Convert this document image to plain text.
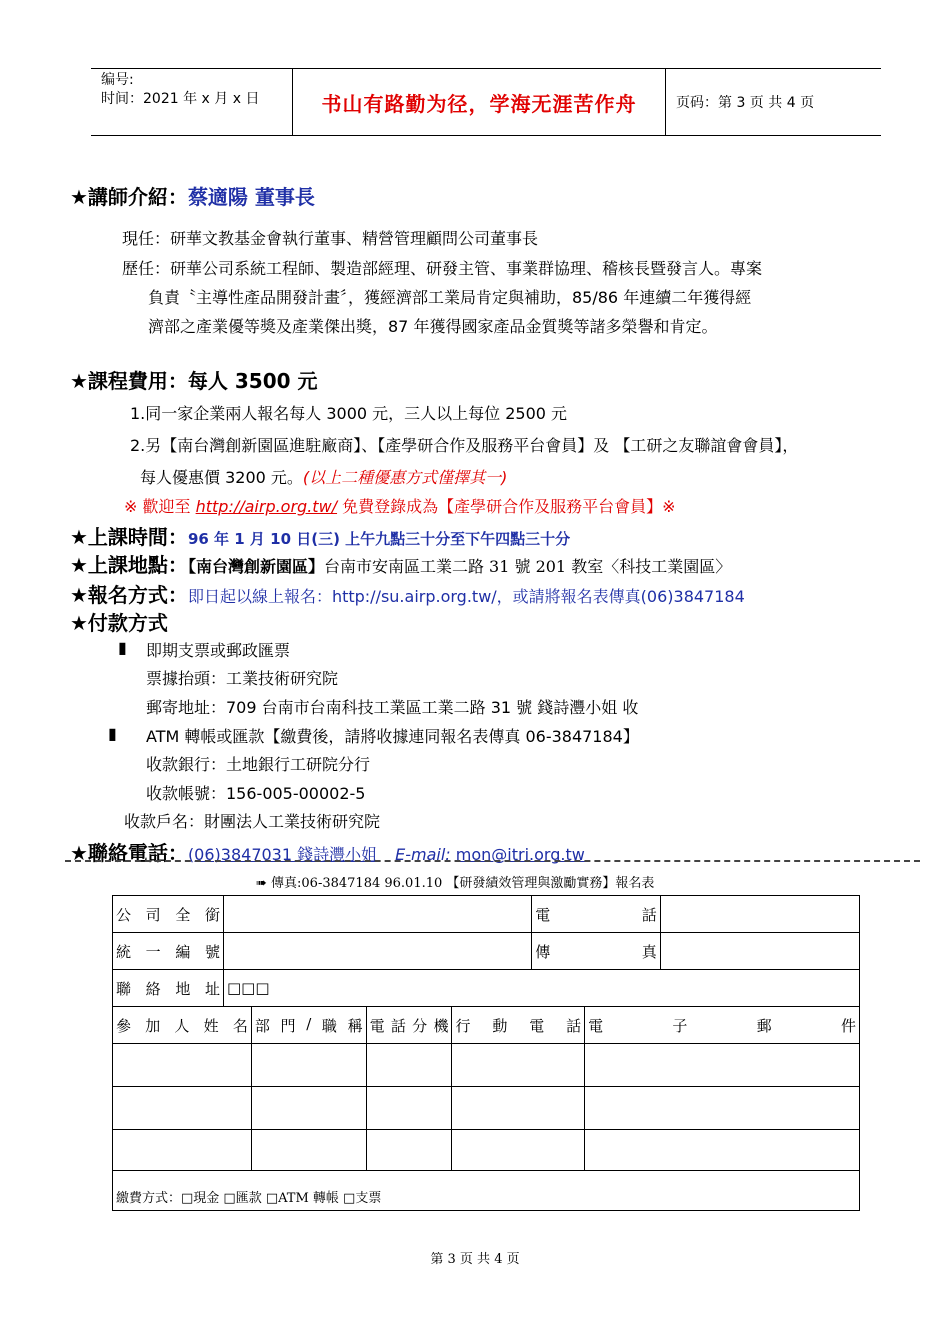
编号:
时间：2021 年 x 月 x 日	书山有路勤为径，学海无涯苦作舟	页码：第 3 页 共 4 页
★講師介紹：蔡適陽 董事長
現任：研華文教基金會執行董事、精營管理顧問公司董事長
歷任：研華公司系統工程師、製造部經理、研發主管、事業群協理、稽核長暨發言人。專案
負責〝主導性產品開發計畫〞，獲經濟部工業局肯定與補助，85/86 年連續二年獲得經
濟部之產業優等獎及產業傑出獎，87 年獲得國家產品金質獎等諸多榮譽和肯定。
★課程費用：每人 3500 元
1.同一家企業兩人報名每人 3000 元，三人以上每位 2500 元
2.另【南台灣創新園區進駐廠商】、【產學研合作及服務平台會員】及 【工研之友聯誼會會員】，
每人優惠價 3200 元。(以上二種優惠方式僅擇其一)
※ 歡迎至 http://airp.org.tw/ 免費登錄成為【產學研合作及服務平台會員】※
★上課時間：96 年 1 月 10 日(三) 上午九點三十分至下午四點三十分
★上課地點：【南台灣創新園區】台南市安南區工業二路 31 號 201 教室〈科技工業園區〉
★報名方式：即日起以線上報名：http://su.airp.org.tw/，或請將報名表傳真(06)3847184
★付款方式
▮ 即期支票或郵政匯票
票據抬頭：工業技術研究院
郵寄地址：709 台南市台南科技工業區工業二路 31 號 錢詩灃小姐 收
▮ ATM 轉帳或匯款【繳費後，請將收據連同報名表傳真 06-3847184】
收款銀行：土地銀行工研院分行
收款帳號：156-005-00002-5
收款戶名：財團法人工業技術研究院
★聯絡電話：(06)3847031 錢詩灃小姐 E-mail: mon@itri.org.tw
➠ 傳真:06-3847184 96.01.10 【研發績效管理與激勵實務】報名表
公 司 全 銜					電 話		

統 一 編 號					傳 真		

聯 絡 地 址	□□□						

參 加 人 姓 名		部 門 / 職 稱	電 話 分 機	行 動 電 話		電 子 郵 件	

繳費方式：□現金 □匯款 □ATM 轉帳 □支票							
第 3 页 共 4 页
